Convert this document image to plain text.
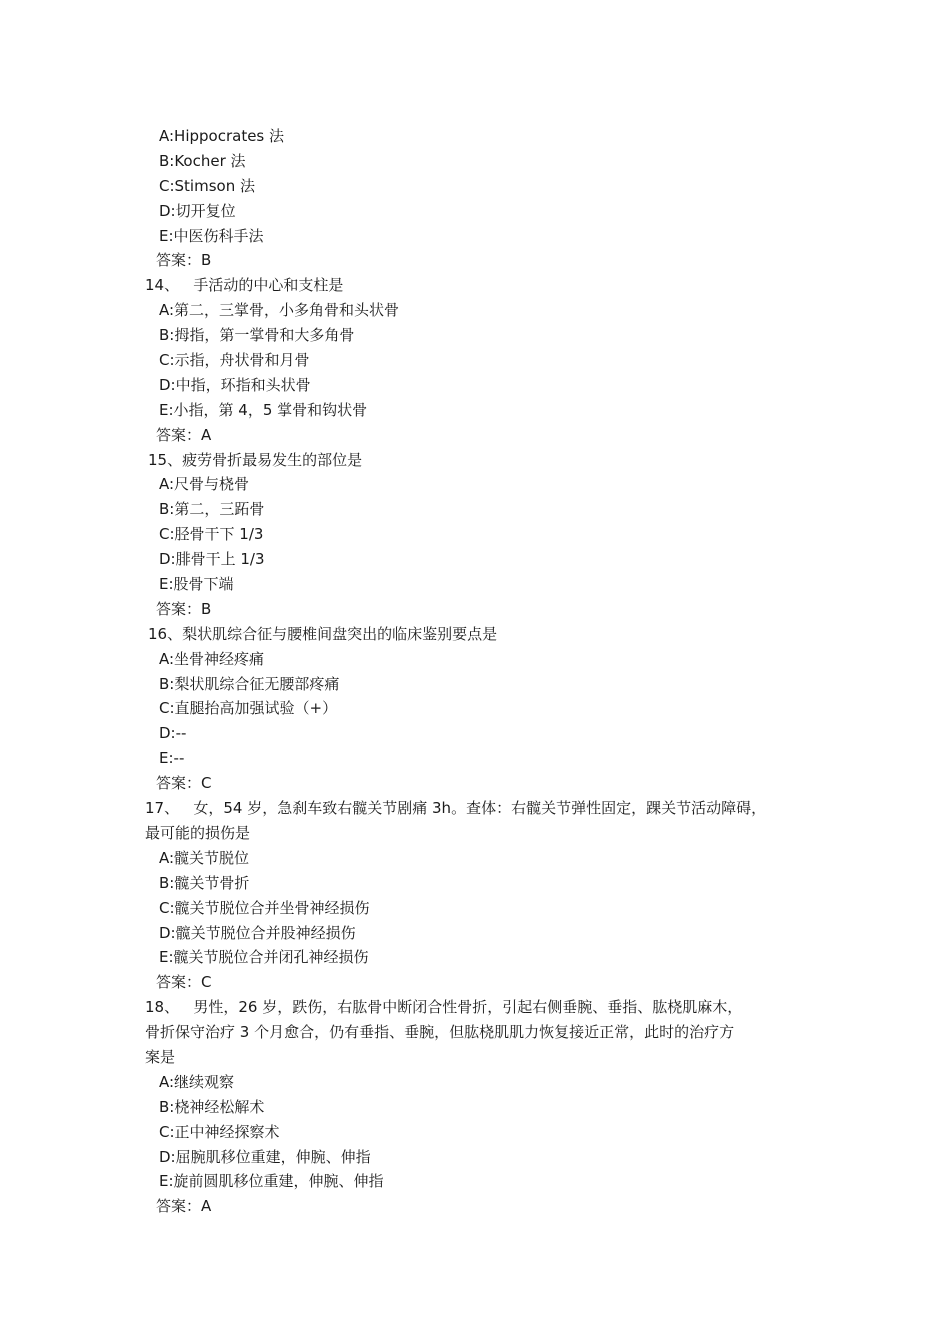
A:Hippocrates 法
B:Kocher 法
C:Stimson 法
D:切开复位
E:中医伤科手法
答案：B
14、   手活动的中心和支柱是
A:第二，三掌骨，小多角骨和头状骨
B:拇指，第一掌骨和大多角骨
C:示指，舟状骨和月骨
D:中指，环指和头状骨
E:小指，第 4，5 掌骨和钩状骨
答案：A
15、疲劳骨折最易发生的部位是
A:尺骨与桡骨
B:第二，三跖骨
C:胫骨干下 1/3
D:腓骨干上 1/3
E:股骨下端
答案：B
16、梨状肌综合征与腰椎间盘突出的临床鉴别要点是
A:坐骨神经疼痛
B:梨状肌综合征无腰部疼痛
C:直腿抬高加强试验（+）
D:--
E:--
答案：C
17、   女，54 岁，急刹车致右髋关节剧痛 3h。查体：右髋关节弹性固定，踝关节活动障碍，
最可能的损伤是
A:髋关节脱位
B:髋关节骨折
C:髋关节脱位合并坐骨神经损伤
D:髋关节脱位合并股神经损伤
E:髋关节脱位合并闭孔神经损伤
答案：C
18、   男性，26 岁，跌伤，右肱骨中断闭合性骨折，引起右侧垂腕、垂指、肱桡肌麻木，
骨折保守治疗 3 个月愈合，仍有垂指、垂腕，但肱桡肌肌力恢复接近正常，此时的治疗方
案是
A:继续观察
B:桡神经松解术
C:正中神经探察术
D:屈腕肌移位重建，伸腕、伸指
E:旋前圆肌移位重建，伸腕、伸指
答案：A
